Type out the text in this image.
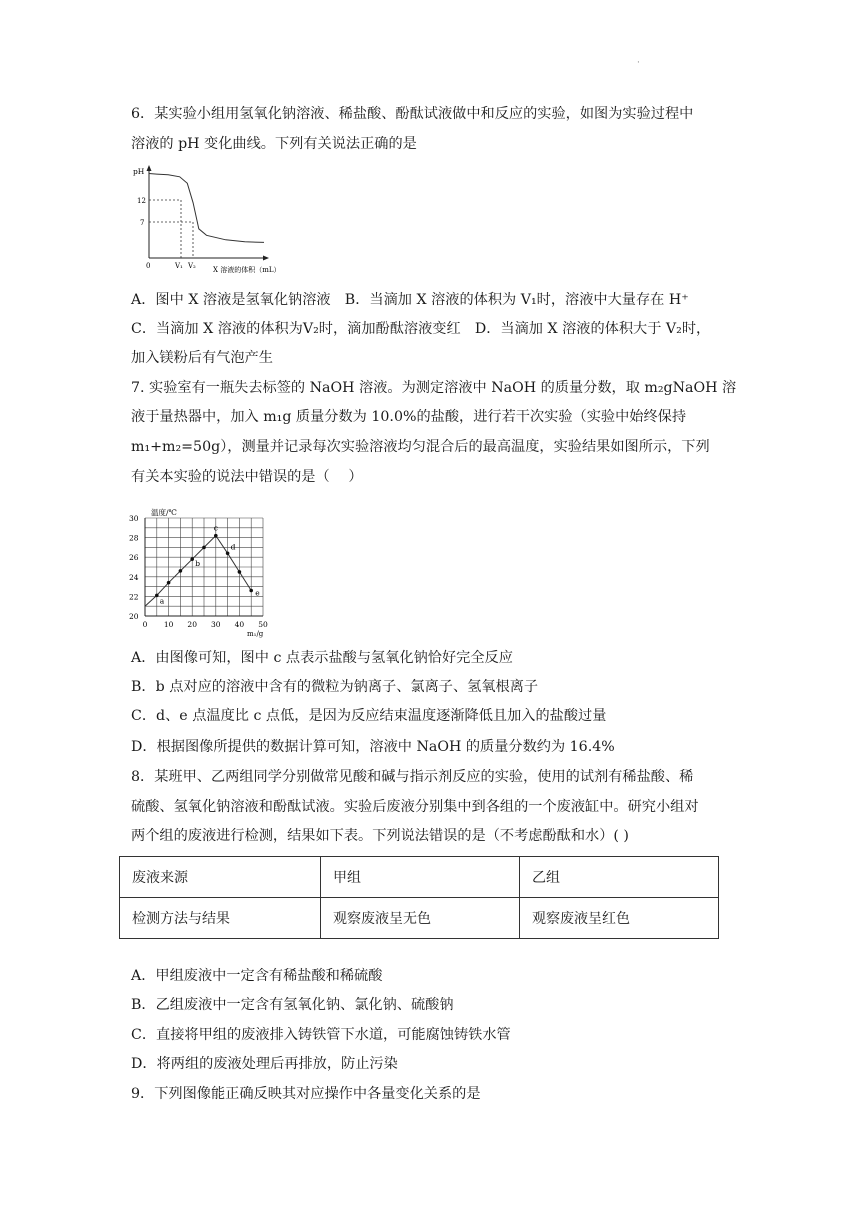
·
6．某实验小组用氢氧化钠溶液、稀盐酸、酚酞试液做中和反应的实验，如图为实验过程中
溶液的 pH 变化曲线。下列有关说法正确的是
pH
12
7
0	V₁ V₂ X 溶液的体积（mL）
A．图中 X 溶液是氢氧化钠溶液　B．当滴加 X 溶液的体积为 V₁时，溶液中大量存在 H⁺
C．当滴加 X 溶液的体积为V₂时，滴加酚酞溶液变红　D．当滴加 X 溶液的体积大于 V₂时，
加入镁粉后有气泡产生
7. 实验室有一瓶失去标签的 NaOH 溶液。为测定溶液中 NaOH 的质量分数，取 m₂gNaOH 溶
液于量热器中，加入 m₁g 质量分数为 10.0%的盐酸，进行若干次实验（实验中始终保持
m₁+m₂=50g），测量并记录每次实验溶液均匀混合后的最高温度，实验结果如图所示，下列
有关本实验的说法中错误的是（　 ）
20
22
24
26
28
30
0 10 20 30 40 50
a
b
c
d
e
温度/℃
m₁/g
A．由图像可知，图中 c 点表示盐酸与氢氧化钠恰好完全反应
B．b 点对应的溶液中含有的微粒为钠离子、氯离子、氢氧根离子
C．d、e 点温度比 c 点低，是因为反应结束温度逐渐降低且加入的盐酸过量
D．根据图像所提供的数据计算可知，溶液中 NaOH 的质量分数约为 16.4%
8．某班甲、乙两组同学分别做常见酸和碱与指示剂反应的实验，使用的试剂有稀盐酸、稀
硫酸、氢氧化钠溶液和酚酞试液。实验后废液分别集中到各组的一个废液缸中。研究小组对
两个组的废液进行检测，结果如下表。下列说法错误的是（不考虑酚酞和水）( )
废液来源	甲组	乙组
检测方法与结果	观察废液呈无色	观察废液呈红色
A．甲组废液中一定含有稀盐酸和稀硫酸
B．乙组废液中一定含有氢氧化钠、氯化钠、硫酸钠
C．直接将甲组的废液排入铸铁管下水道，可能腐蚀铸铁水管
D．将两组的废液处理后再排放，防止污染
9．下列图像能正确反映其对应操作中各量变化关系的是
